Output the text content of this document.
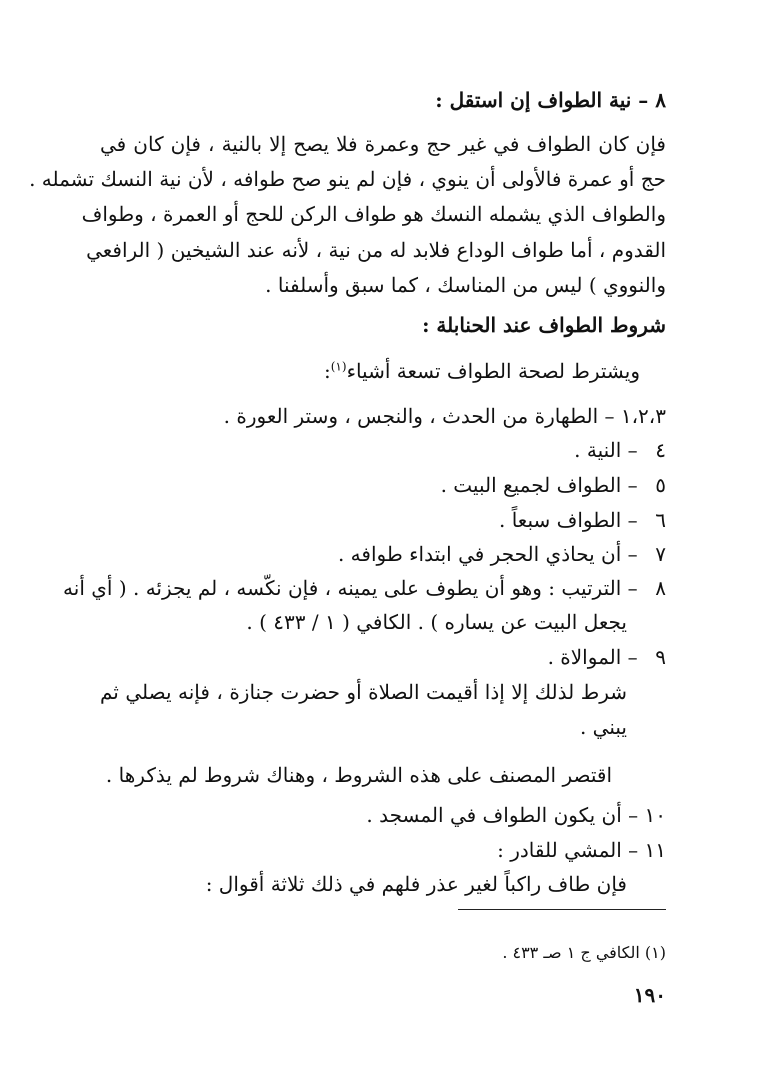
٨ – نية الطواف إن استقل :

فإن كان الطواف في غير حج وعمرة فلا يصح إلا بالنية ، فإن كان في

حج أو عمرة فالأولى أن ينوي ، فإن لم ينو صح طوافه ، لأن نية النسك تشمله .

والطواف الذي يشمله النسك هو طواف الركن للحج أو العمرة ، وطواف

القدوم ، أما طواف الوداع فلابد له من نية ، لأنه عند الشيخين ( الرافعي

والنووي ) ليس من المناسك ، كما سبق وأسلفنا .

شروط الطواف عند الحنابلة :

ويشترط لصحة الطواف تسعة أشياء$^{(١)}$:

١،٢،٣ – الطهارة من الحدث ، والنجس ، وستر العورة .

٤ – النية .

٥ – الطواف لجميع البيت .

٦ – الطواف سبعاً .

٧ – أن يحاذي الحجر في ابتداء طوافه .

٨ – الترتيب : وهو أن يطوف على يمينه ، فإن نكّسه ، لم يجزئه . ( أي أنه

يجعل البيت عن يساره ) . الكافي ( ١ / ٤٣٣ ) .

٩ – الموالاة .

شرط لذلك إلا إذا أقيمت الصلاة أو حضرت جنازة ، فإنه يصلي ثم

يبني .

اقتصر المصنف على هذه الشروط ، وهناك شروط لم يذكرها .

١٠ – أن يكون الطواف في المسجد .

١١ – المشي للقادر :

فإن طاف راكباً لغير عذر فلهم في ذلك ثلاثة أقوال :

(١) الكافي ج ١ صـ ٤٣٣ .

١٩٠
